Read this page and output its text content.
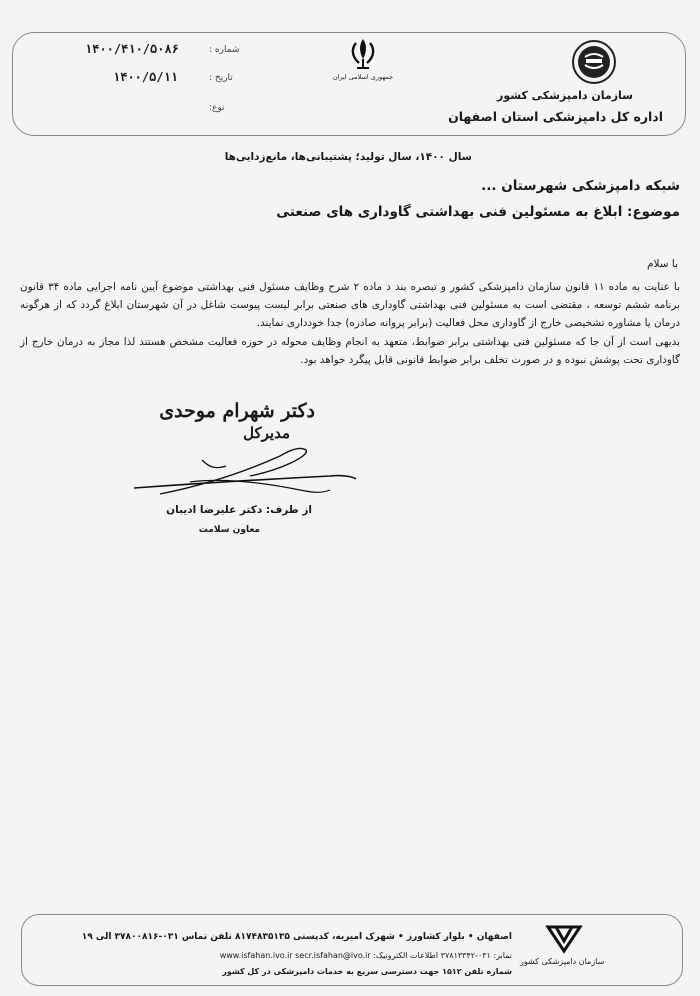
سازمان دامپزشکی کشور
اداره کل دامپزشکی استان اصفهان
جمهوری اسلامی ایران
شماره :
۱۴۰۰/۴۱۰/۵۰۸۶
تاریخ :
۱۴۰۰/۵/۱۱
نوع:
سال ۱۴۰۰، سال تولید؛ پشتیبانی‌ها، مانع‌زدایی‌ها
شبکه دامپزشکی شهرستان ...
موضوع: ابلاغ به مسئولین فنی بهداشتی گاوداری های صنعتی
با سلام

با عنایت به ماده ۱۱ قانون سازمان دامپزشکی کشور و تبصره بند د ماده ۲ شرح وظایف مسئول فنی بهداشتی موضوع آیین نامه اجرایی ماده ۳۴ قانون برنامه ششم توسعه ، مقتضی است به مسئولین فنی بهداشتی گاوداری های صنعتی برابر لیست پیوست شاغل در آن شهرستان ابلاغ گردد که از هرگونه درمان یا مشاوره تشخیصی خارج از گاوداری محل فعالیت (برابر پروانه صادره) جدا خودداری نمایند.

بدیهی است از آن جا که مسئولین فنی بهداشتی برابر ضوابط، متعهد به انجام وظایف محوله در حوزه فعالیت مشخص هستند لذا مجاز به درمان خارج از گاوداری تحت پوشش نبوده و در صورت تخلف برابر ضوابط قانونی قابل پیگرد خواهد بود.

دکتر شهرام موحدی
مدیرکل
از طرف: دکتر علیرضا ادیبان
معاون سلامت
سازمان دامپزشکی کشور
اصفهان • بلوار کشاورز • شهرک امیریه، کدپستی ۸۱۷۴۸۳۵۱۳۵ تلفن تماس ۰۳۱-۳۷۸۰۰۸۱۶ الی ۱۹
نمابر: ۰۳۱-۳۷۸۱۳۳۴۲ اطلاعات الکترونیک: www.isfahan.ivo.ir secr.isfahan@ivo.ir
شماره تلفن ۱۵۱۲ جهت دسترسی سریع به خدمات دامپزشکی در کل کشور
